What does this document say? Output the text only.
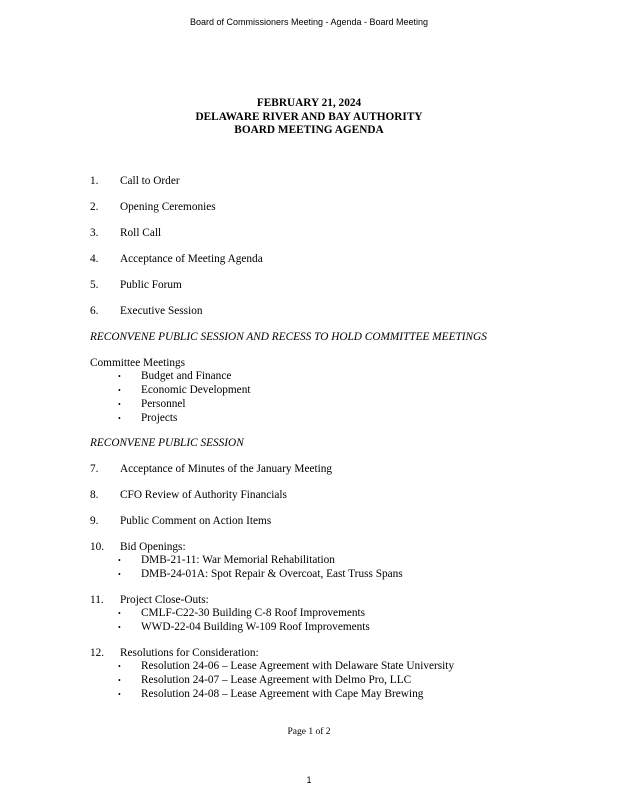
Board of Commissioners Meeting - Agenda - Board Meeting
FEBRUARY 21, 2024
DELAWARE RIVER AND BAY AUTHORITY
BOARD MEETING AGENDA
1. Call to Order
2. Opening Ceremonies
3. Roll Call
4. Acceptance of Meeting Agenda
5. Public Forum
6. Executive Session
RECONVENE PUBLIC SESSION AND RECESS TO HOLD COMMITTEE MEETINGS
Committee Meetings
• Budget and Finance
• Economic Development
• Personnel
• Projects
RECONVENE PUBLIC SESSION
7. Acceptance of Minutes of the January Meeting
8. CFO Review of Authority Financials
9. Public Comment on Action Items
10. Bid Openings:
• DMB-21-11: War Memorial Rehabilitation
• DMB-24-01A: Spot Repair & Overcoat, East Truss Spans
11. Project Close-Outs:
• CMLF-C22-30 Building C-8 Roof Improvements
• WWD-22-04 Building W-109 Roof Improvements
12. Resolutions for Consideration:
• Resolution 24-06 – Lease Agreement with Delaware State University
• Resolution 24-07 – Lease Agreement with Delmo Pro, LLC
• Resolution 24-08 – Lease Agreement with Cape May Brewing
Page 1 of 2
1
